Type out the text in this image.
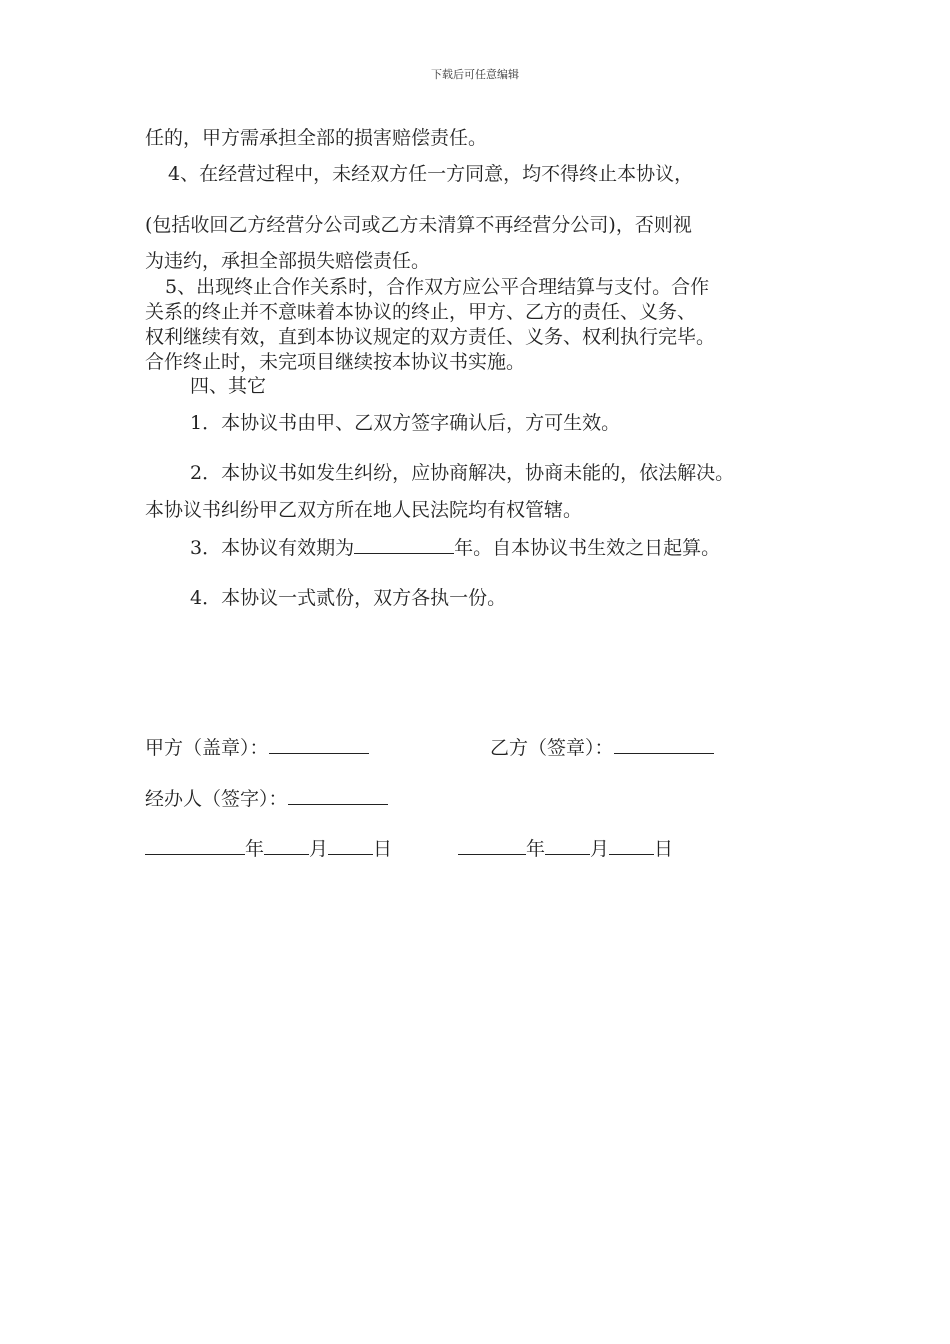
下载后可任意编辑
任的，甲方需承担全部的损害赔偿责任。
4、在经营过程中，未经双方任一方同意，均不得终止本协议，
(包括收回乙方经营分公司或乙方未清算不再经营分公司)，否则视
为违约，承担全部损失赔偿责任。
5、出现终止合作关系时，合作双方应公平合理结算与支付。合作
关系的终止并不意味着本协议的终止，甲方、乙方的责任、义务、
权利继续有效，直到本协议规定的双方责任、义务、权利执行完毕。
合作终止时，未完项目继续按本协议书实施。
四、其它
1．本协议书由甲、乙双方签字确认后，方可生效。
2．本协议书如发生纠纷，应协商解决，协商未能的，依法解决。
本协议书纠纷甲乙双方所在地人民法院均有权管辖。
3．本协议有效期为	年。自本协议书生效之日起算。
4．本协议一式贰份，双方各执一份。
甲方（盖章）：	乙方（签章）：
经办人（签字）：
年 月 日	年 月 日
